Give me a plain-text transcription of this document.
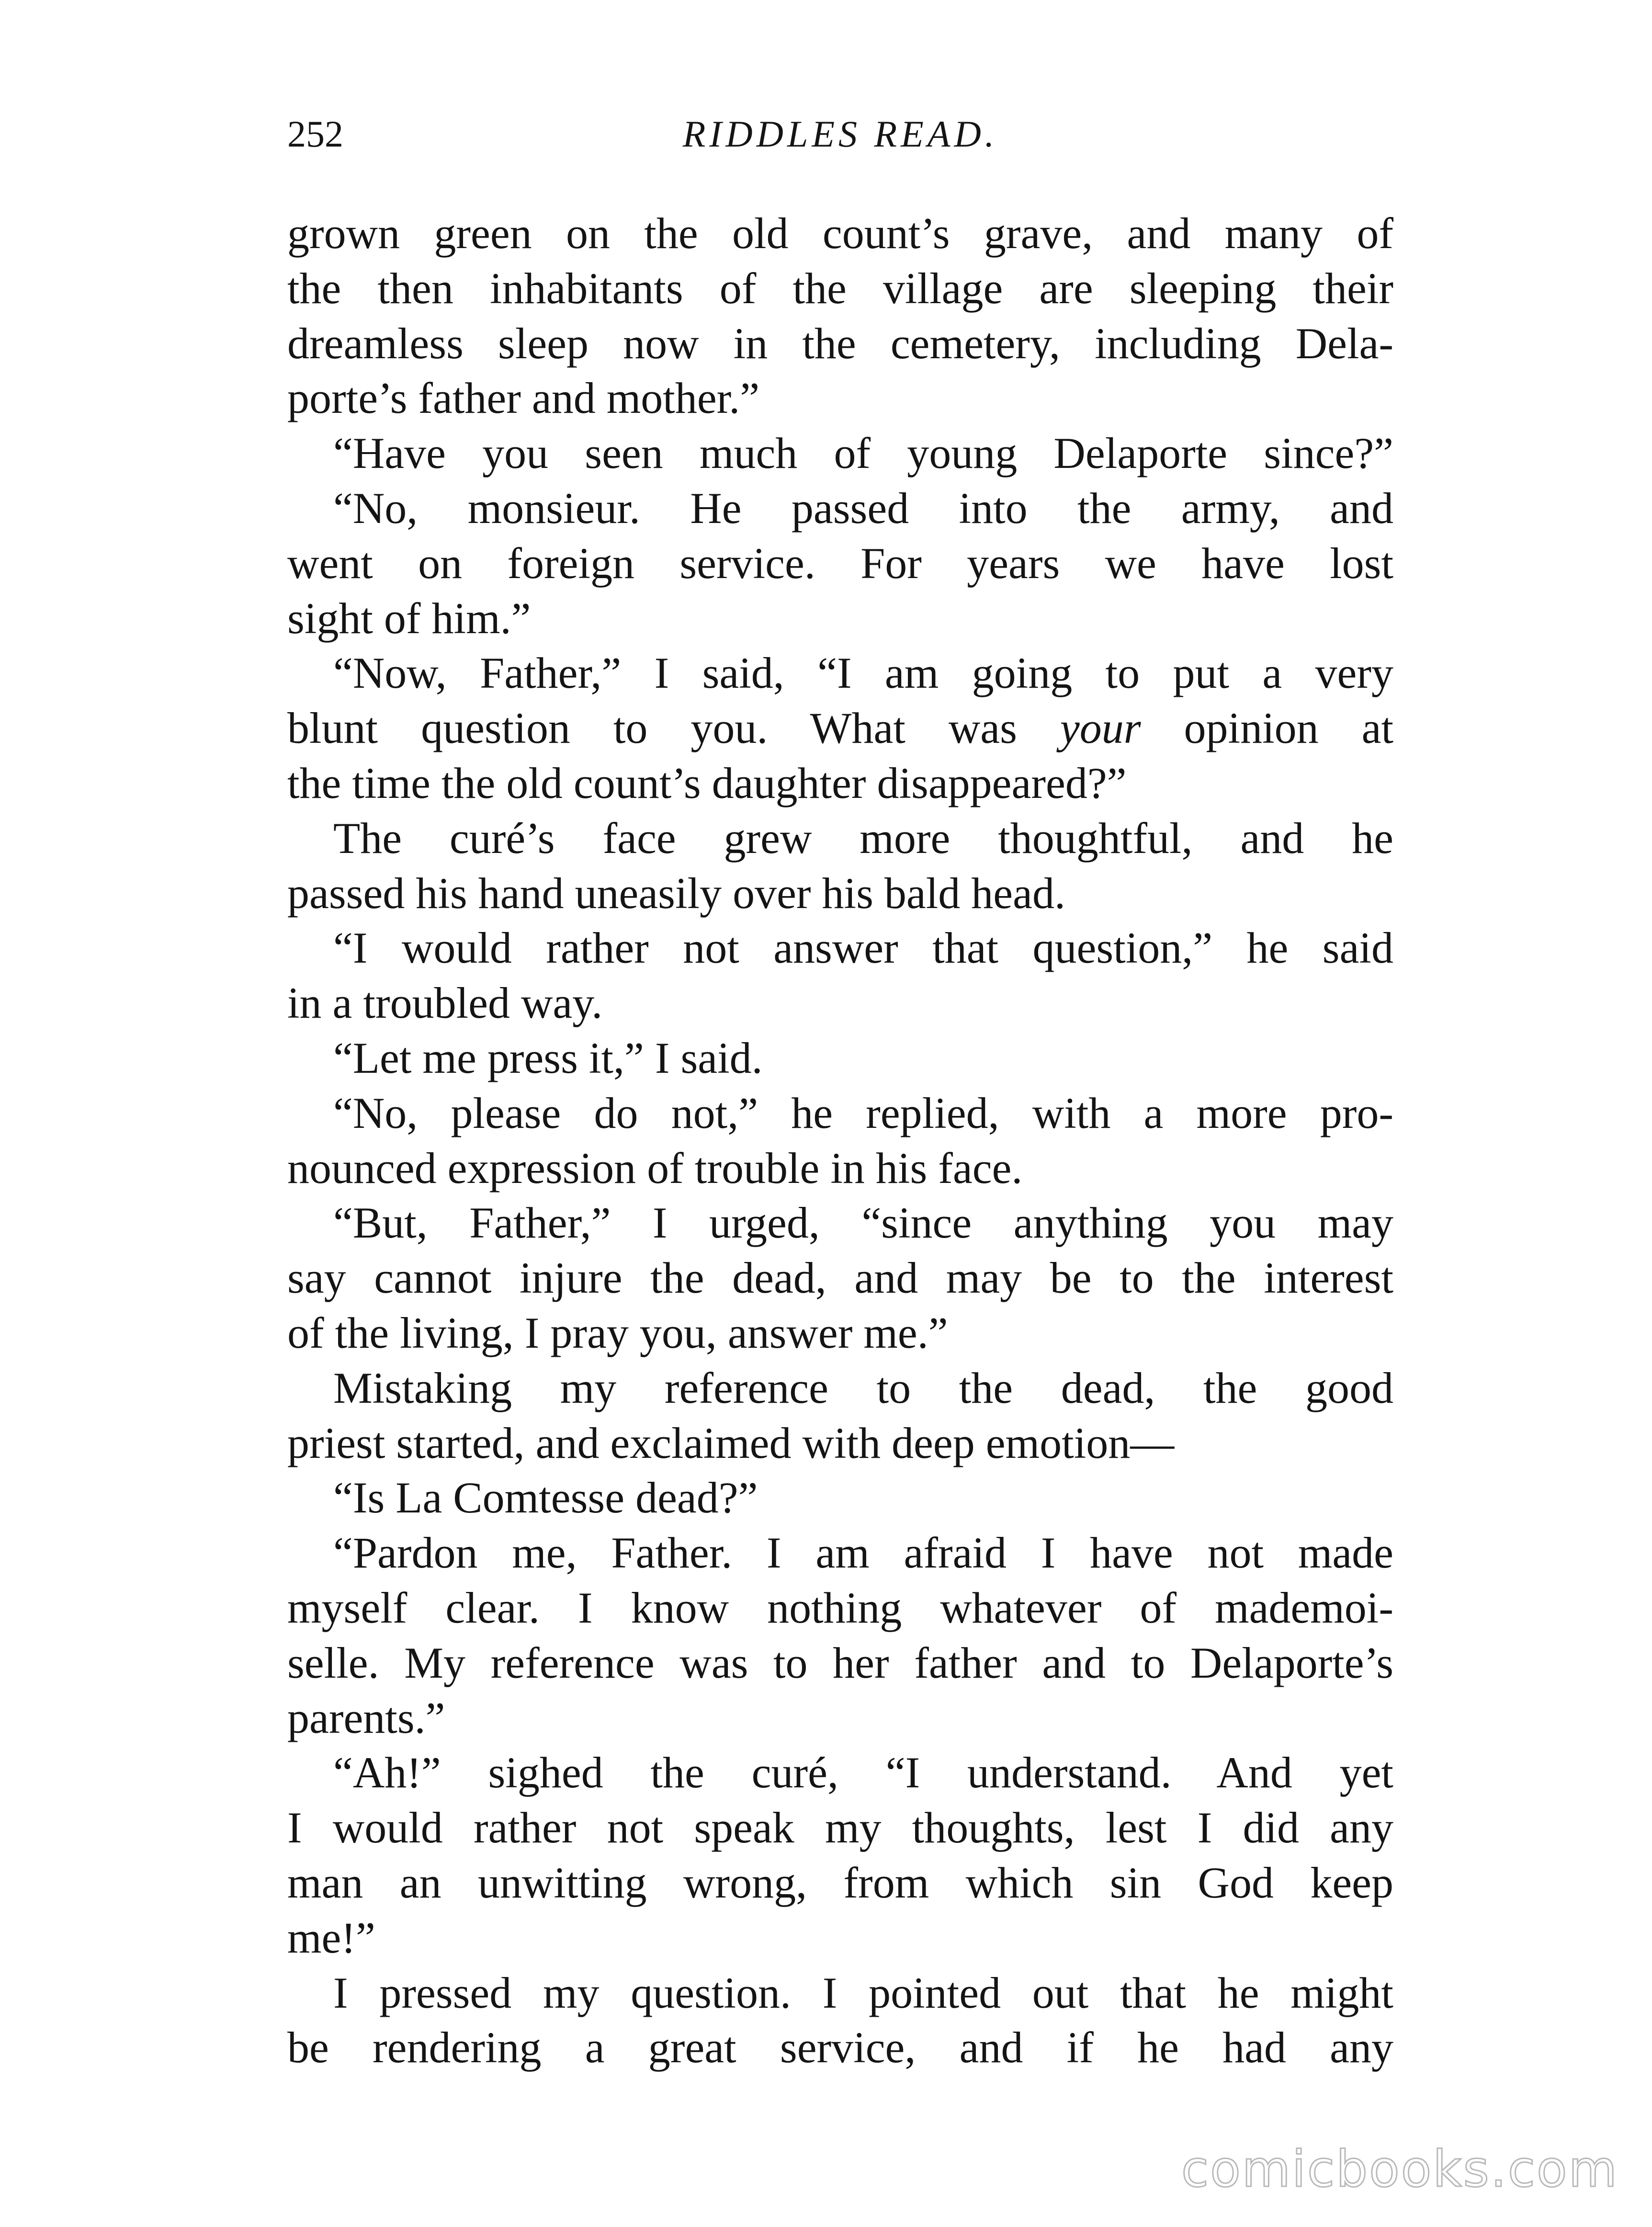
252	RIDDLES READ.
grown green on the old count’s grave, and many of
the then inhabitants of the village are sleeping their
dreamless sleep now in the cemetery, including Dela-
porte’s father and mother.”
“Have you seen much of young Delaporte since?”
“No, monsieur. He passed into the army, and
went on foreign service. For years we have lost
sight of him.”
“Now, Father,” I said, “I am going to put a very
blunt question to you. What was your opinion at
the time the old count’s daughter disappeared?”
The curé’s face grew more thoughtful, and he
passed his hand uneasily over his bald head.
“I would rather not answer that question,” he said
in a troubled way.
“Let me press it,” I said.
“No, please do not,” he replied, with a more pro-
nounced expression of trouble in his face.
“But, Father,” I urged, “since anything you may
say cannot injure the dead, and may be to the interest
of the living, I pray you, answer me.”
Mistaking my reference to the dead, the good
priest started, and exclaimed with deep emotion—
“Is La Comtesse dead?”
“Pardon me, Father. I am afraid I have not made
myself clear. I know nothing whatever of mademoi-
selle. My reference was to her father and to Delaporte’s
parents.”
“Ah!” sighed the curé, “I understand. And yet
I would rather not speak my thoughts, lest I did any
man an unwitting wrong, from which sin God keep
me!”
I pressed my question. I pointed out that he might
be rendering a great service, and if he had any
comicbooks.com
